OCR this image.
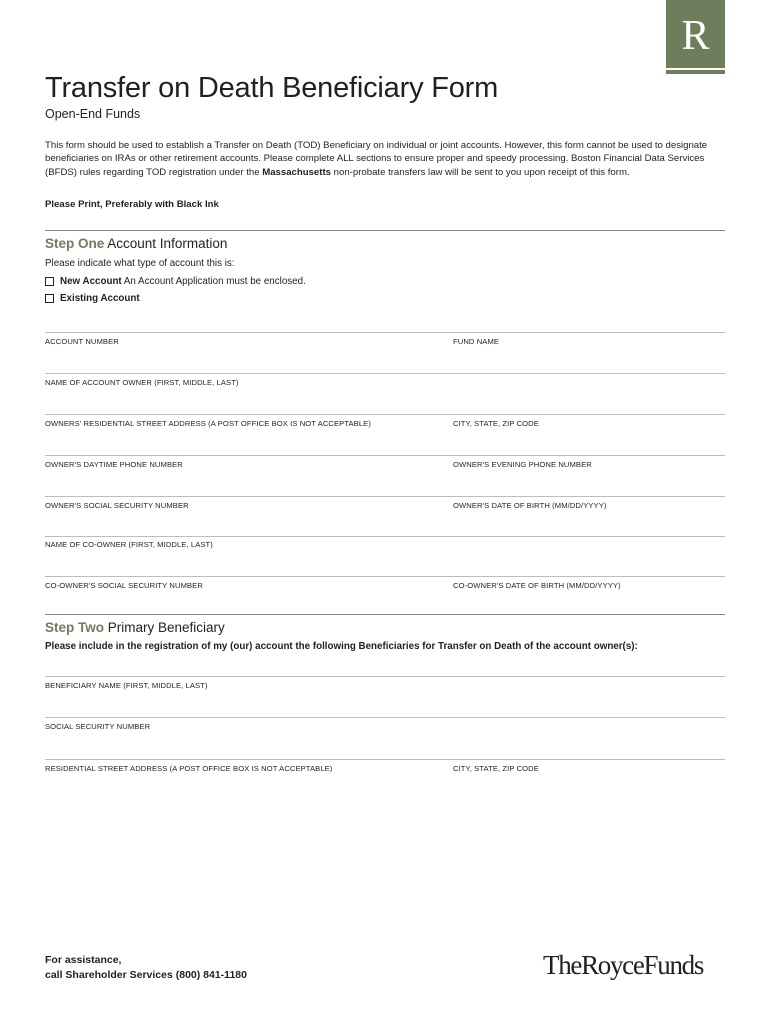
R
Transfer on Death Beneficiary Form
Open-End Funds

This form should be used to establish a Transfer on Death (TOD) Beneficiary on individual or joint accounts. However, this form cannot be used to designate beneficiaries on IRAs or other retirement accounts. Please complete ALL sections to ensure proper and speedy processing. Boston Financial Data Services (BFDS) rules regarding TOD registration under the Massachusetts non-probate transfers law will be sent to you upon receipt of this form.

Please Print, Preferably with Black Ink
Step One Account Information
Please indicate what type of account this is:
New Account An Account Application must be enclosed.
Existing Account
ACCOUNT NUMBER	FUND NAME
NAME OF ACCOUNT OWNER (FIRST, MIDDLE, LAST)
OWNERS' RESIDENTIAL STREET ADDRESS (A POST OFFICE BOX IS NOT ACCEPTABLE)	CITY, STATE, ZIP CODE
OWNER'S DAYTIME PHONE NUMBER	OWNER'S EVENING PHONE NUMBER
OWNER'S SOCIAL SECURITY NUMBER	OWNER'S DATE OF BIRTH (MM/DD/YYYY)
NAME OF CO-OWNER (FIRST, MIDDLE, LAST)
CO-OWNER'S SOCIAL SECURITY NUMBER	CO-OWNER'S DATE OF BIRTH (MM/DD/YYYY)
Step Two Primary Beneficiary
Please include in the registration of my (our) account the following Beneficiaries for Transfer on Death of the account owner(s):
BENEFICIARY NAME (FIRST, MIDDLE, LAST)
SOCIAL SECURITY NUMBER
RESIDENTIAL STREET ADDRESS (A POST OFFICE BOX IS NOT ACCEPTABLE)	CITY, STATE, ZIP CODE
For assistance,
call Shareholder Services (800) 841-1180	TheRoyceFunds
